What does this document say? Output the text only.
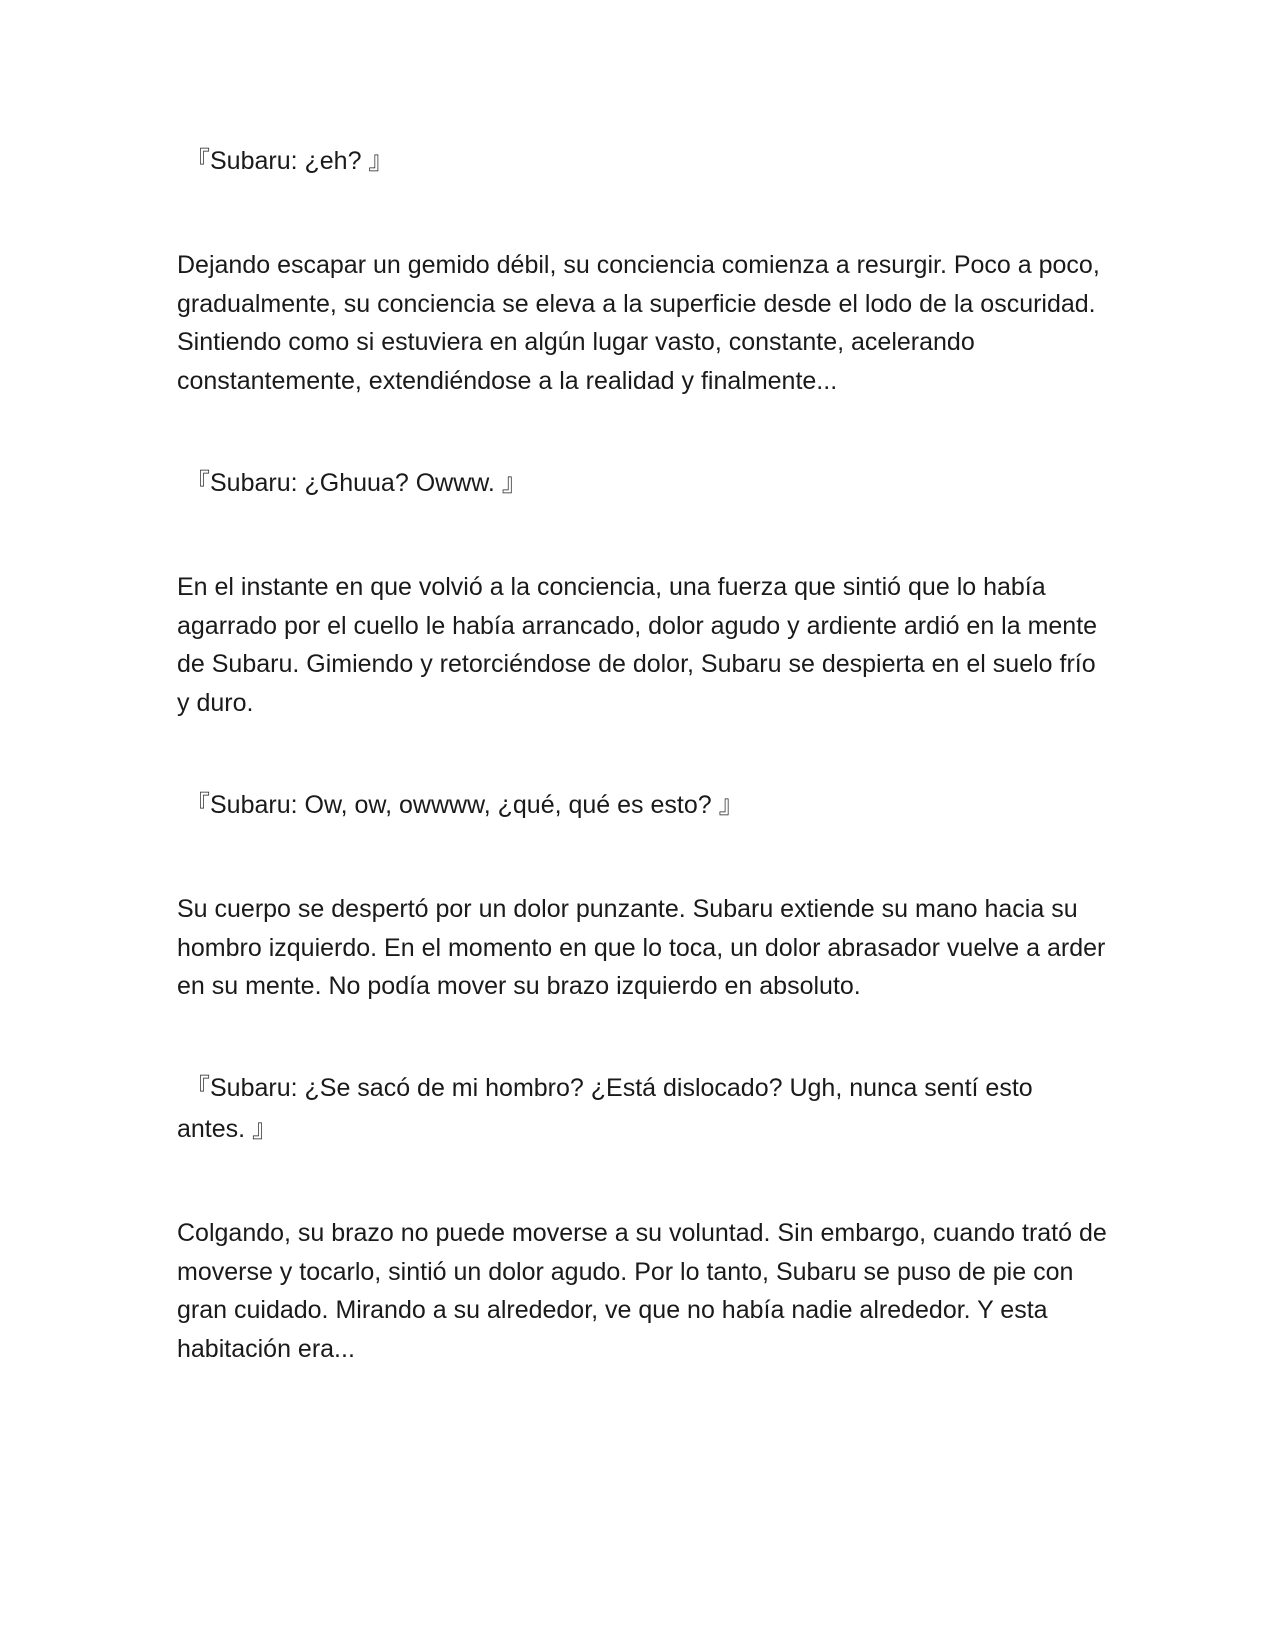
『Subaru: ¿eh? 』

Dejando escapar un gemido débil, su conciencia comienza a resurgir. Poco a poco, gradualmente, su conciencia se eleva a la superficie desde el lodo de la oscuridad. Sintiendo como si estuviera en algún lugar vasto, constante, acelerando constantemente, extendiéndose a la realidad y finalmente...

『Subaru: ¿Ghuua? Owww. 』

En el instante en que volvió a la conciencia, una fuerza que sintió que lo había agarrado por el cuello le había arrancado, dolor agudo y ardiente ardió en la mente de Subaru. Gimiendo y retorciéndose de dolor, Subaru se despierta en el suelo frío y duro.

『Subaru: Ow, ow, owwww, ¿qué, qué es esto? 』

Su cuerpo se despertó por un dolor punzante. Subaru extiende su mano hacia su hombro izquierdo. En el momento en que lo toca, un dolor abrasador vuelve a arder en su mente. No podía mover su brazo izquierdo en absoluto.

『Subaru: ¿Se sacó de mi hombro? ¿Está dislocado? Ugh, nunca sentí esto antes. 』

Colgando, su brazo no puede moverse a su voluntad. Sin embargo, cuando trató de moverse y tocarlo, sintió un dolor agudo. Por lo tanto, Subaru se puso de pie con gran cuidado. Mirando a su alrededor, ve que no había nadie alrededor. Y esta habitación era...
